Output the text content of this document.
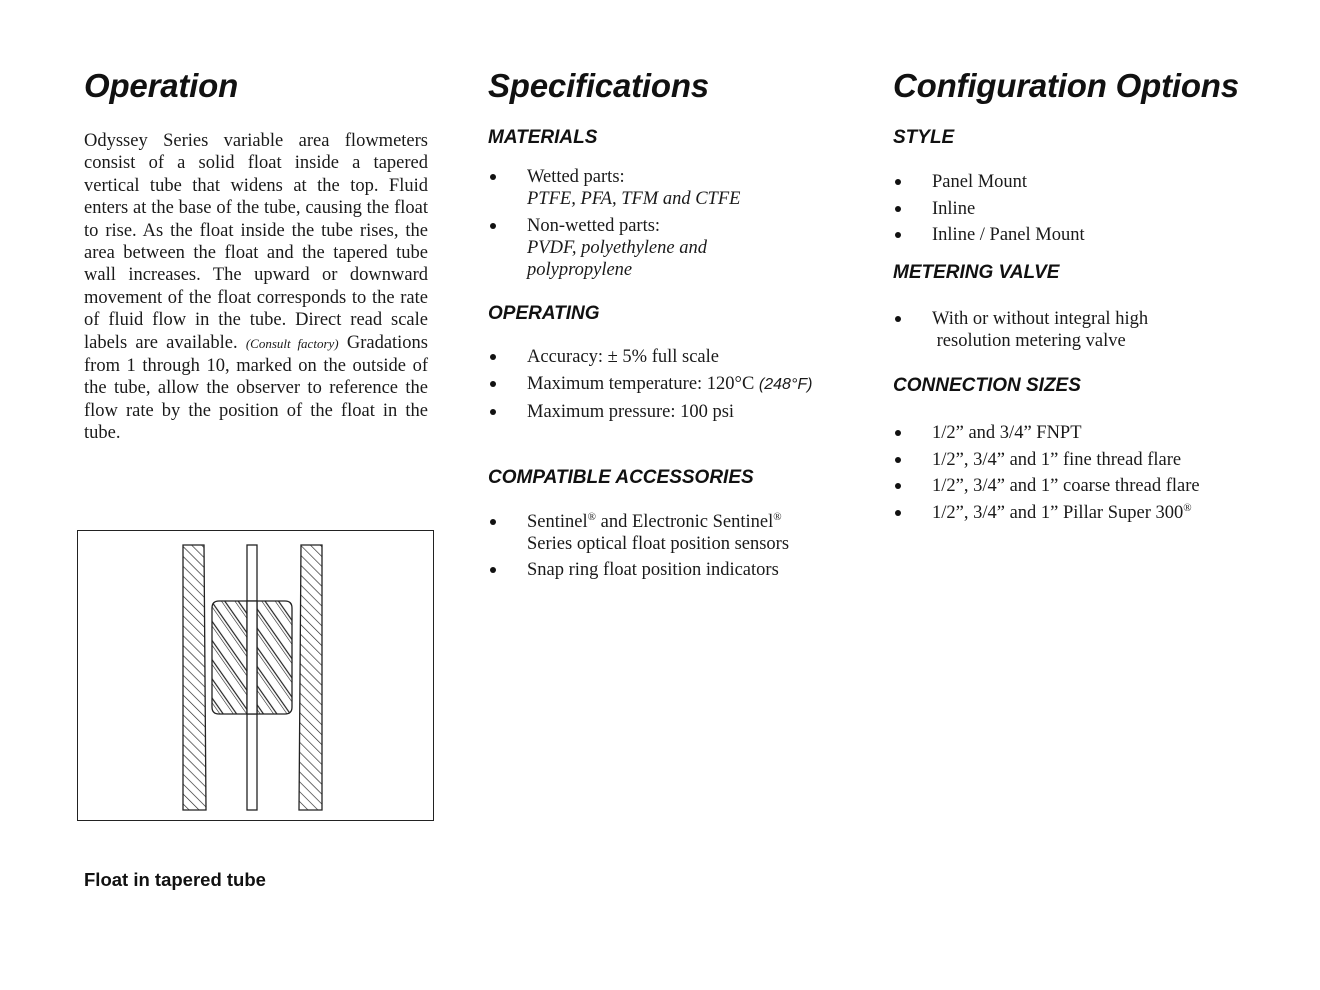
Operation

Odyssey Series variable area flowmeters consist of a solid float inside a tapered vertical tube that widens at the top. Fluid enters at the base of the tube, causing the float to rise. As the float inside the tube rises, the area between the float and the tapered tube wall increases. The upward or downward movement of the float corresponds to the rate of fluid flow in the tube. Direct read scale labels are available. (Consult factory) Gradations from 1 through 10, marked on the outside of the tube, allow the observer to reference the flow rate by the position of the float in the tube.

Float in tapered tube
Specifications
MATERIALS
Wetted parts:
PTFE, PFA, TFM and CTFE
Non-wetted parts:
PVDF, polyethylene and
polypropylene
OPERATING
Accuracy: ± 5% full scale
Maximum temperature: 120°C (248°F)
Maximum pressure: 100 psi
COMPATIBLE ACCESSORIES
Sentinel® and Electronic Sentinel®
Series optical float position sensors
Snap ring float position indicators
Configuration Options
STYLE
Panel Mount
Inline
Inline / Panel Mount
METERING VALVE
With or without integral high
resolution metering valve
CONNECTION SIZES
1/2” and 3/4” FNPT
1/2”, 3/4” and 1” fine thread flare
1/2”, 3/4” and 1” coarse thread flare
1/2”, 3/4” and 1” Pillar Super 300®
